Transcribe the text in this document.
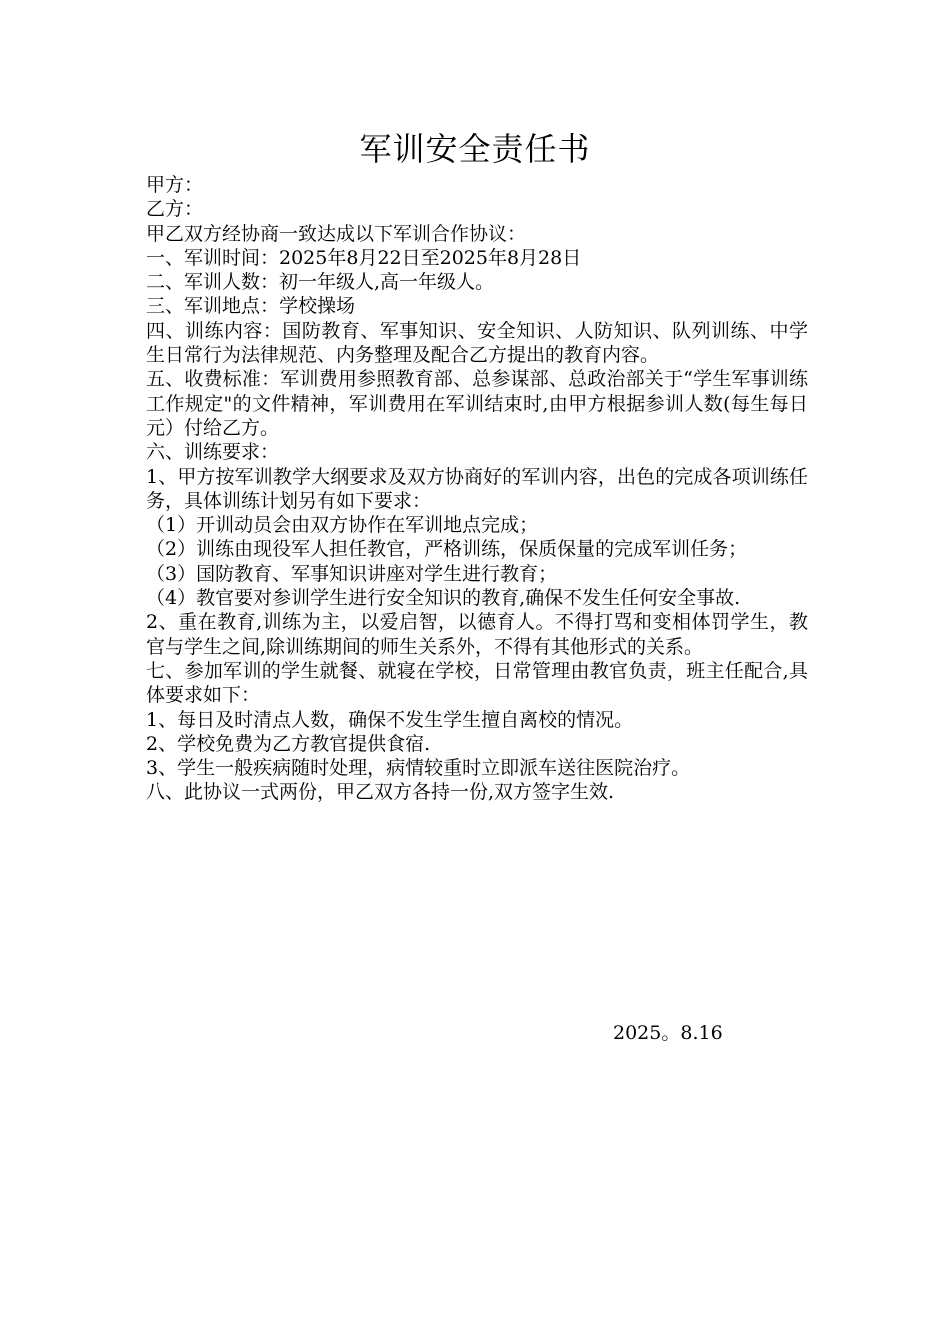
军训安全责任书

甲方：

乙方：

甲乙双方经协商一致达成以下军训合作协议：

一、军训时间：2025年8月22日至2025年8月28日

二、军训人数：初一年级人,高一年级人。

三、军训地点：学校操场

四、训练内容：国防教育、军事知识、安全知识、人防知识、队列训练、中学生日常行为法律规范、内务整理及配合乙方提出的教育内容。

五、收费标准：军训费用参照教育部、总参谋部、总政治部关于“学生军事训练工作规定"的文件精神，军训费用在军训结束时,由甲方根据参训人数(每生每日元）付给乙方。

六、训练要求：

1、甲方按军训教学大纲要求及双方协商好的军训内容，出色的完成各项训练任务，具体训练计划另有如下要求：

（1）开训动员会由双方协作在军训地点完成；

（2）训练由现役军人担任教官，严格训练，保质保量的完成军训任务；

（3）国防教育、军事知识讲座对学生进行教育；

（4）教官要对参训学生进行安全知识的教育,确保不发生任何安全事故.

2、重在教育,训练为主，以爱启智，以德育人。不得打骂和变相体罚学生，教官与学生之间,除训练期间的师生关系外，不得有其他形式的关系。

七、参加军训的学生就餐、就寝在学校，日常管理由教官负责，班主任配合,具体要求如下：

1、每日及时清点人数，确保不发生学生擅自离校的情况。

2、学校免费为乙方教官提供食宿.

3、学生一般疾病随时处理，病情较重时立即派车送往医院治疗。

八、此协议一式两份，甲乙双方各持一份,双方签字生效.

2025。8.16
